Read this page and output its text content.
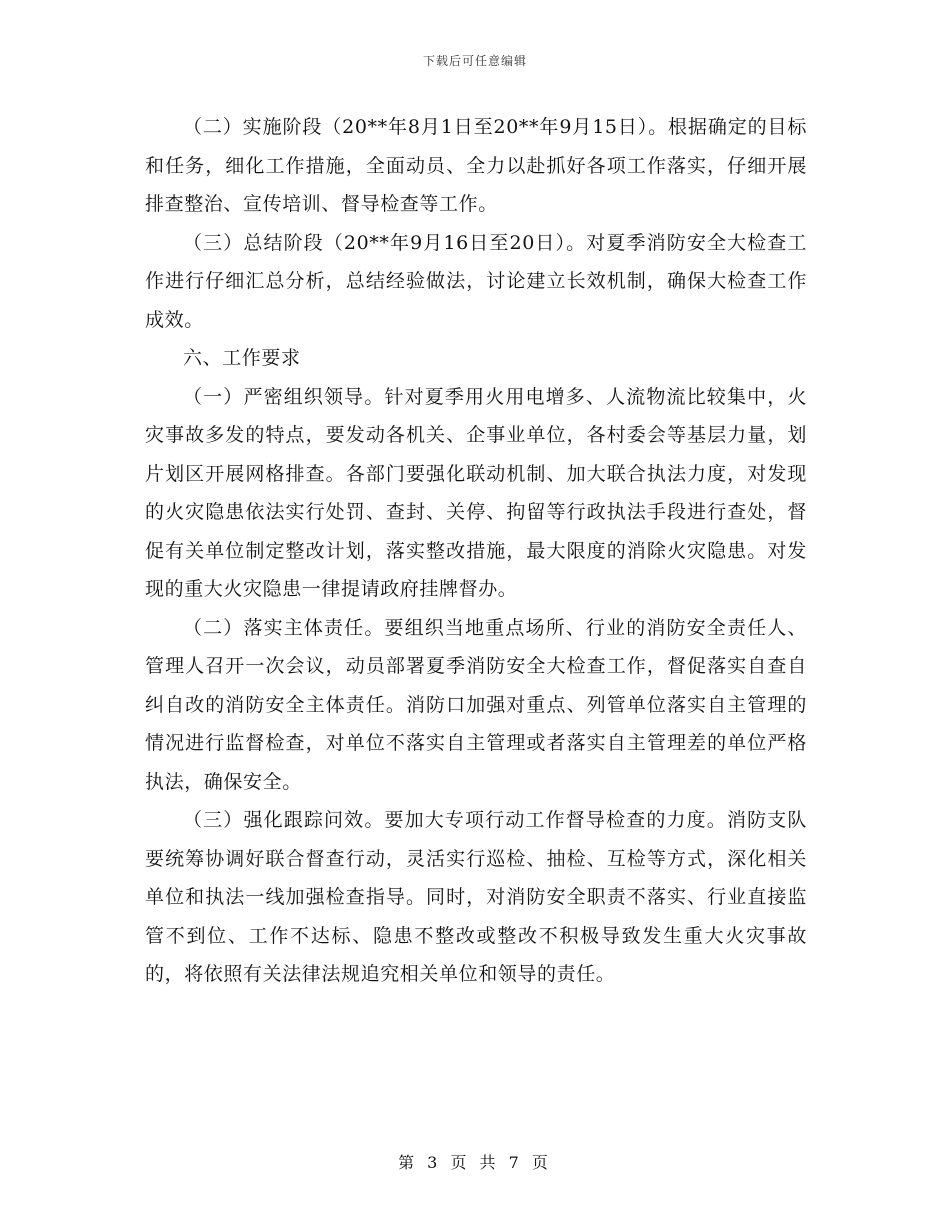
下载后可任意编辑

（二）实施阶段（20**年8月1日至20**年9月15日）。根据确定的目标和任务，细化工作措施，全面动员、全力以赴抓好各项工作落实，仔细开展排查整治、宣传培训、督导检查等工作。

（三）总结阶段（20**年9月16日至20日）。对夏季消防安全大检查工作进行仔细汇总分析，总结经验做法，讨论建立长效机制，确保大检查工作成效。

六、工作要求

（一）严密组织领导。针对夏季用火用电增多、人流物流比较集中，火灾事故多发的特点，要发动各机关、企事业单位，各村委会等基层力量，划片划区开展网格排查。各部门要强化联动机制、加大联合执法力度，对发现的火灾隐患依法实行处罚、查封、关停、拘留等行政执法手段进行查处，督促有关单位制定整改计划，落实整改措施，最大限度的消除火灾隐患。对发现的重大火灾隐患一律提请政府挂牌督办。

（二）落实主体责任。要组织当地重点场所、行业的消防安全责任人、管理人召开一次会议，动员部署夏季消防安全大检查工作，督促落实自查自纠自改的消防安全主体责任。消防口加强对重点、列管单位落实自主管理的情况进行监督检查，对单位不落实自主管理或者落实自主管理差的单位严格执法，确保安全。

（三）强化跟踪问效。要加大专项行动工作督导检查的力度。消防支队要统筹协调好联合督查行动，灵活实行巡检、抽检、互检等方式，深化相关单位和执法一线加强检查指导。同时，对消防安全职责不落实、行业直接监管不到位、工作不达标、隐患不整改或整改不积极导致发生重大火灾事故的，将依照有关法律法规追究相关单位和领导的责任。

第 3 页 共 7 页
